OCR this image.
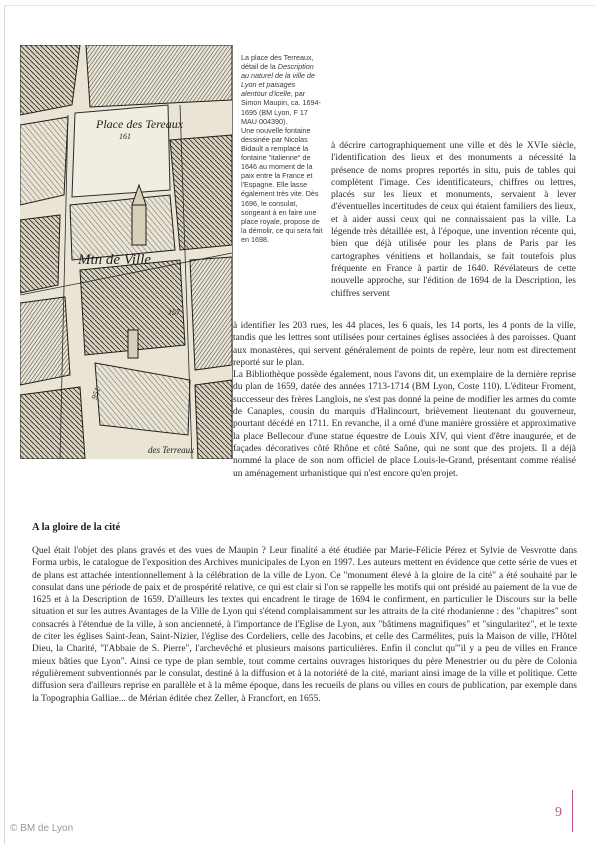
Place des Tereaux
161
Mtn de Ville
157
951
des Terreaux

La place des Terreaux, détail de la Description au naturel de la ville de Lyon et paisages alentour d'icelle, par Simon Maupin, ca. 1694-1695 (BM Lyon, F 17 MAU 004390).

Une nouvelle fontaine dessinée par Nicolas Bidault a remplacé la fontaine "italienne" de 1646 au moment de la paix entre la France et l'Espagne. Elle lasse également très vite. Dès 1696, le consulat, songeant à en faire une place royale, propose de la démolir, ce qui sera fait en 1698.

à décrire cartographiquement une ville et dès le XVIe siècle, l'identification des lieux et des monuments a nécessité la présence de noms propres reportés in situ, puis de tables qui complètent l'image. Ces identificateurs, chiffres ou lettres, placés sur les lieux et monuments, servaient à lever d'éventuelles incertitudes de ceux qui étaient familiers des lieux, et à aider aussi ceux qui ne connaissaient pas la ville. La légende très détaillée est, à l'époque, une invention récente qui, bien que déjà utilisée pour les plans de Paris par les cartographes vénitiens et hollandais, se fait toutefois plus fréquente en France à partir de 1640. Révélateurs de cette nouvelle approche, sur l'édition de 1694 de la Description, les chiffres servent

à identifier les 203 rues, les 44 places, les 6 quais, les 14 ports, les 4 ponts de la ville, tandis que les lettres sont utilisées pour certaines églises associées à des paroisses. Quant aux monastères, qui servent généralement de points de repère, leur nom est directement reporté sur le plan.

La Bibliothèque possède également, nous l'avons dit, un exemplaire de la dernière reprise du plan de 1659, datée des années 1713-1714 (BM Lyon, Coste 110). L'éditeur Froment, successeur des frères Langlois, ne s'est pas donné la peine de modifier les armes du comte de Canaples, cousin du marquis d'Halincourt, brièvement lieutenant du gouverneur, pourtant décédé en 1711. En revanche, il a orné d'une manière grossière et approximative la place Bellecour d'une statue équestre de Louis XIV, qui vient d'être inaugurée, et de façades décoratives côté Rhône et côté Saône, qui ne sont que des projets. Il a déjà nommé la place de son nom officiel de place Louis-le-Grand, présentant comme réalisé un aménagement urbanistique qui n'est encore qu'en projet.

A la gloire de la cité

Quel était l'objet des plans gravés et des vues de Maupin ? Leur finalité a été étudiée par Marie-Félicie Pérez et Sylvie de Vesvrotte dans Forma urbis, le catalogue de l'exposition des Archives municipales de Lyon en 1997. Les auteurs mettent en évidence que cette série de vues et de plans est attachée intentionnellement à la célébration de la ville de Lyon. Ce "monument élevé à la gloire de la cité" a été souhaité par le consulat dans une période de paix et de prospérité relative, ce qui est clair si l'on se rappelle les motifs qui ont présidé au paiement de la vue de 1625 et à la Description de 1659. D'ailleurs les textes qui encadrent le tirage de 1694 le confirment, en particulier le Discours sur la belle situation et sur les autres Avantages de la Ville de Lyon qui s'étend complaisamment sur les attraits de la cité rhodanienne : des "chapitres" sont consacrés à l'étendue de la ville, à son ancienneté, à l'importance de l'Eglise de Lyon, aux "bâtimens magnifiques" et "singularitez", et le texte de citer les églises Saint-Jean, Saint-Nizier, l'église des Cordeliers, celle des Jacobins, et celle des Carmélites, puis la Maison de ville, l'Hôtel Dieu, la Charité, "l'Abbaie de S. Pierre", l'archevêché et plusieurs maisons particulières. Enfin il conclut qu'"il y a peu de villes en France mieux bâties que Lyon". Ainsi ce type de plan semble, tout comme certains ouvrages historiques du père Menestrier ou du père de Colonia régulièrement subventionnés par le consulat, destiné à la diffusion et à la notoriété de la cité, mariant ainsi image de la ville et politique. Cette diffusion sera d'ailleurs reprise en parallèle et à la même époque, dans les recueils de plans ou villes en cours de publication, par exemple dans la Topographia Galliae... de Mérian éditée chez Zeller, à Francfort, en 1655.

9
© BM de Lyon
